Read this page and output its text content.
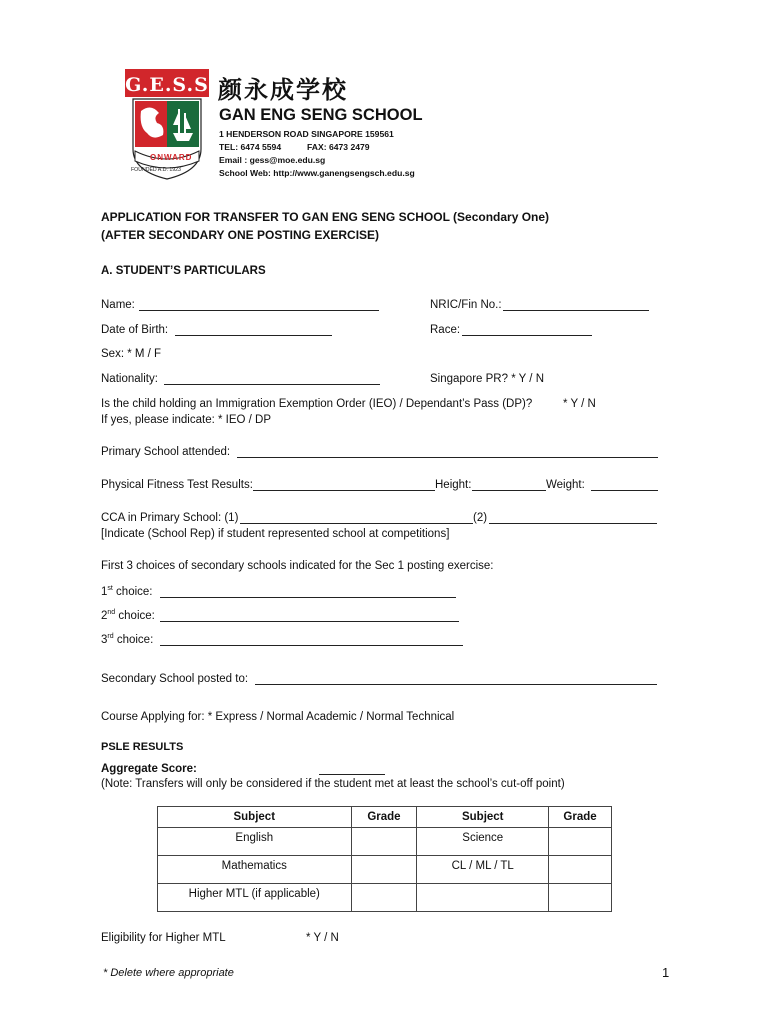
G.E.S.S
ONWARD
FOUNDED A.D. 1923
颜永成学校
GAN ENG SENG SCHOOL
1 HENDERSON ROAD SINGAPORE 159561
TEL: 6474 5594	FAX: 6473 2479
Email : gess@moe.edu.sg
School Web: http://www.ganengsengsch.edu.sg
APPLICATION FOR TRANSFER TO GAN ENG SENG SCHOOL (Secondary One)
(AFTER SECONDARY ONE POSTING EXERCISE)
A. STUDENT’S PARTICULARS
Name:	NRIC/Fin No.:
Date of Birth:	Race:
Sex: * M / F
Nationality:	Singapore PR? * Y / N
Is the child holding an Immigration Exemption Order (IEO) / Dependant’s Pass (DP)?	* Y / N
If yes, please indicate: * IEO / DP
Primary School attended:
Physical Fitness Test Results:	Height:	Weight:
CCA in Primary School: (1)	(2)
[Indicate (School Rep) if student represented school at competitions]
First 3 choices of secondary schools indicated for the Sec 1 posting exercise:
1st choice:
2nd choice:
3rd choice:
Secondary School posted to:
Course Applying for: * Express / Normal Academic / Normal Technical
PSLE RESULTS
Aggregate Score:
(Note: Transfers will only be considered if the student met at least the school’s cut-off point)
Subject	Grade	Subject	Grade
English		Science	
Mathematics		CL / ML / TL	
Higher MTL (if applicable)			
Eligibility for Higher MTL	* Y / N
* Delete where appropriate	1
